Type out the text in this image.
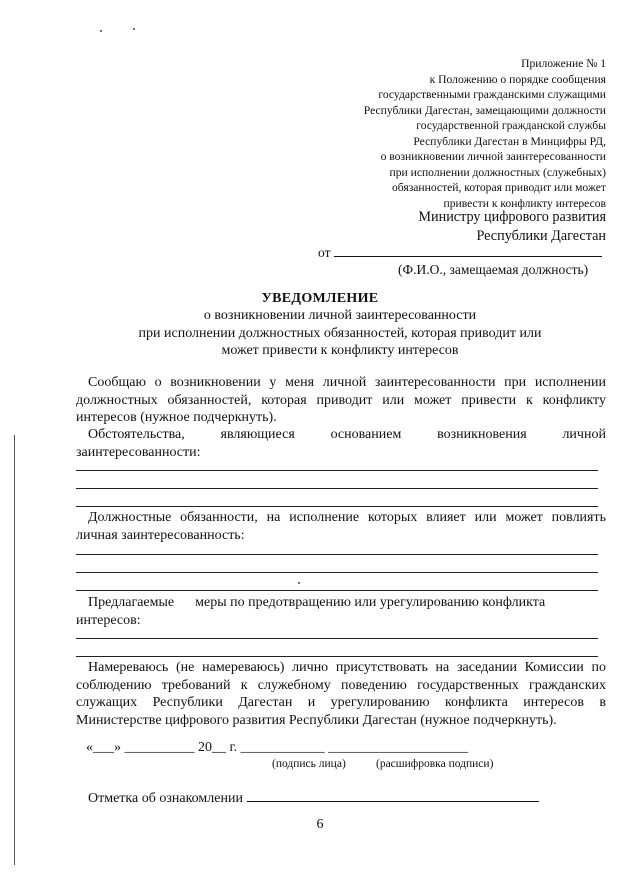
Приложение № 1
к Положению о порядке сообщения
государственными гражданскими служащими
Республики Дагестан, замещающими должности
государственной гражданской службы
Республики Дагестан в Минцифры РД,
о возникновении личной заинтересованности
при исполнении должностных (служебных)
обязанностей, которая приводит или может
привести к конфликту интересов
Министру цифрового развития
Республики Дагестан
от
(Ф.И.О., замещаемая должность)
УВЕДОМЛЕНИЕ
о возникновении личной заинтересованности
при исполнении должностных обязанностей, которая приводит или
может привести к конфликту интересов
Сообщаю о возникновении у меня личной заинтересованности при исполнении должностных обязанностей, которая приводит или может привести к конфликту интересов (нужное подчеркнуть).
Обстоятельства,	являющиеся	основанием	возникновения	личной
заинтересованности:
Должностные обязанности, на исполнение которых влияет или может повлиять личная заинтересованность:
Предлагаемые меры по предотвращению или урегулированию конфликта
интересов:
Намереваюсь (не намереваюсь) лично присутствовать на заседании Комиссии по соблюдению требований к служебному поведению государственных гражданских служащих Республики Дагестан и урегулированию конфликта интересов в Министерстве цифрового развития Республики Дагестан (нужное подчеркнуть).
«___» __________ 20__ г. ____________ ____________________
(подпись лица)	(расшифровка подписи)
Отметка об ознакомлении
6
